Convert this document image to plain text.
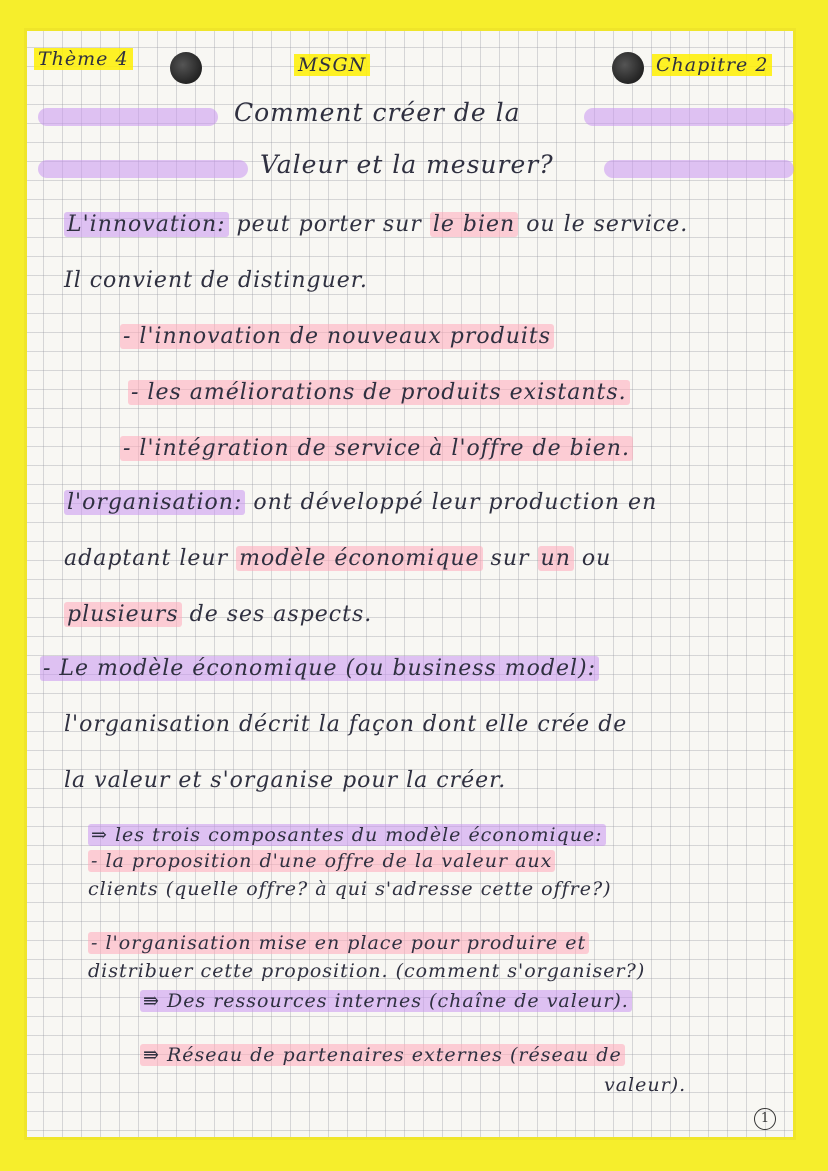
Thème 4	MSGN	Chapitre 2
Comment créer de la
Valeur et la mesurer?
L'innovation: peut porter sur le bien ou le service.
Il convient de distinguer.
- l'innovation de nouveaux produits
- les améliorations de produits existants.
- l'intégration de service à l'offre de bien.
l'organisation: ont développé leur production en
adaptant leur modèle économique sur un ou
plusieurs de ses aspects.
- Le modèle économique (ou business model):
l'organisation décrit la façon dont elle crée de
la valeur et s'organise pour la créer.
⇒ les trois composantes du modèle économique:
- la proposition d'une offre de la valeur aux
clients (quelle offre? à qui s'adresse cette offre?)
- l'organisation mise en place pour produire et
distribuer cette proposition. (comment s'organiser?)
⇛ Des ressources internes (chaîne de valeur).
⇛ Réseau de partenaires externes (réseau de
valeur).
1
